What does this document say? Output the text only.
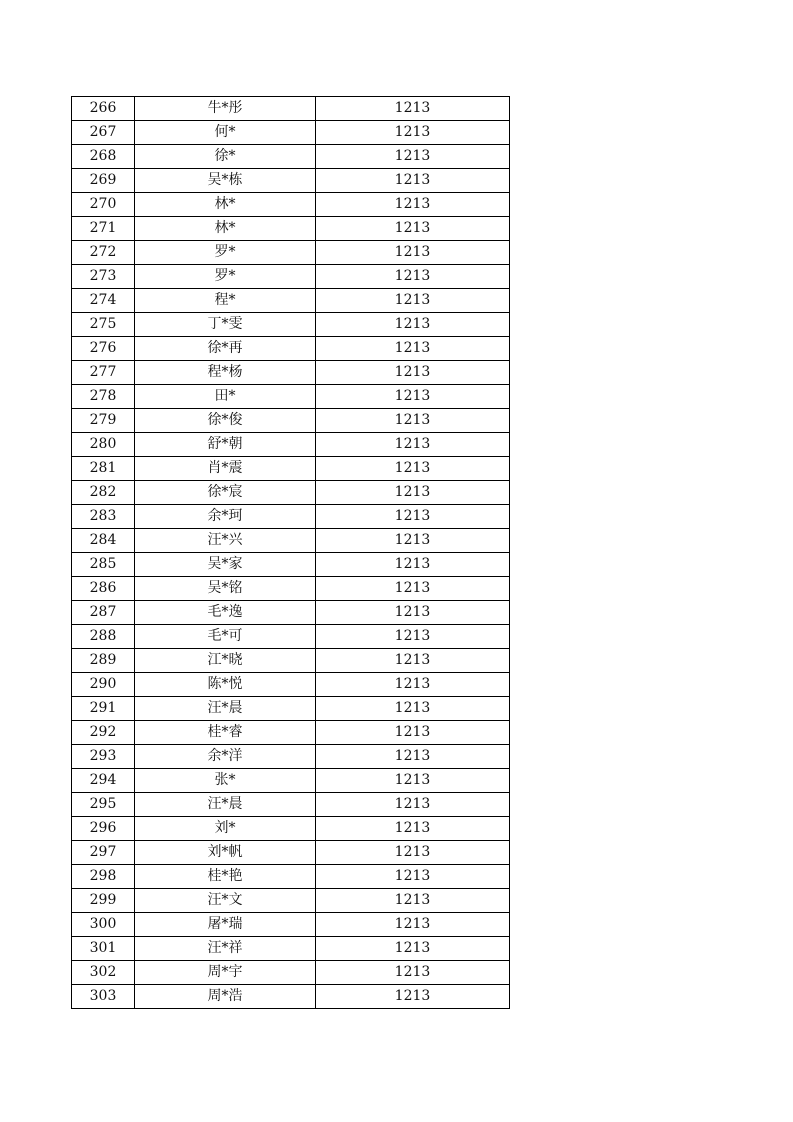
266	牛*彤	1213
267	何*	1213
268	徐*	1213
269	吴*栋	1213
270	林*	1213
271	林*	1213
272	罗*	1213
273	罗*	1213
274	程*	1213
275	丁*雯	1213
276	徐*再	1213
277	程*杨	1213
278	田*	1213
279	徐*俊	1213
280	舒*朝	1213
281	肖*震	1213
282	徐*宸	1213
283	余*珂	1213
284	汪*兴	1213
285	吴*家	1213
286	吴*铭	1213
287	毛*逸	1213
288	毛*可	1213
289	江*晓	1213
290	陈*悦	1213
291	汪*晨	1213
292	桂*睿	1213
293	余*洋	1213
294	张*	1213
295	汪*晨	1213
296	刘*	1213
297	刘*帆	1213
298	桂*艳	1213
299	汪*文	1213
300	屠*瑞	1213
301	汪*祥	1213
302	周*宇	1213
303	周*浩	1213
